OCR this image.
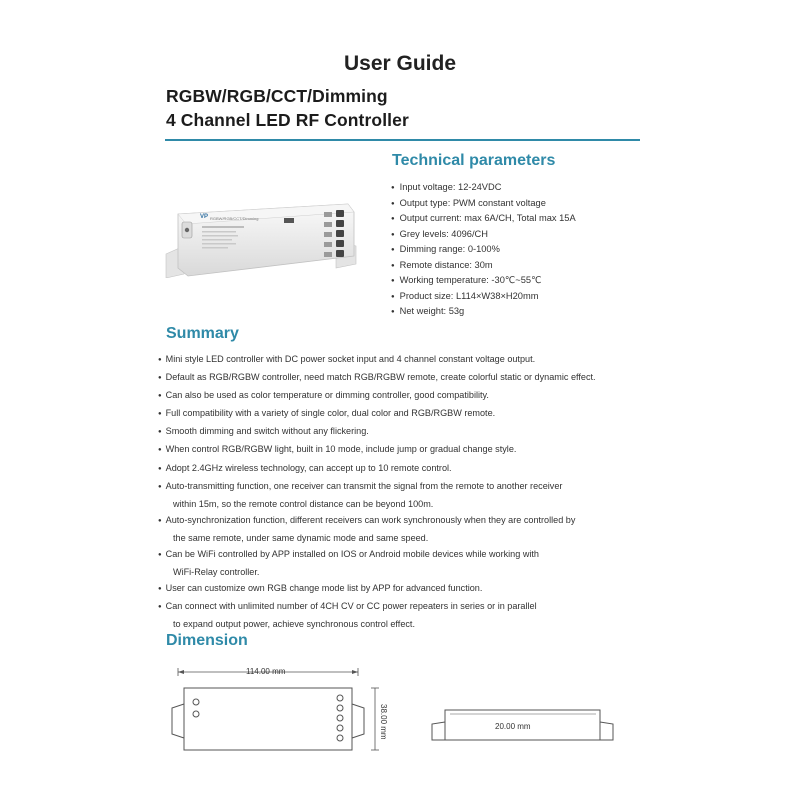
User Guide
RGBW/RGB/CCT/Dimming
4 Channel LED RF Controller
VP RGBW/RGB/CCT/Dimming
Technical parameters
● Input voltage: 12-24VDC
● Output type: PWM constant voltage
● Output current: max 6A/CH, Total max 15A
● Grey levels: 4096/CH
● Dimming range: 0-100%
● Remote distance: 30m
● Working temperature: -30℃~55℃
● Product size: L114×W38×H20mm
● Net weight: 53g
Summary
● Mini style LED controller with DC power socket input and 4 channel constant voltage output.
● Default as RGB/RGBW controller, need match RGB/RGBW remote, create colorful static or dynamic effect.
● Can also be used as color temperature or dimming controller, good compatibility.
● Full compatibility with a variety of single color, dual color and RGB/RGBW remote.
● Smooth dimming and switch without any flickering.
● When control RGB/RGBW light, built in 10 mode, include jump or gradual change style.
● Adopt 2.4GHz wireless technology, can accept up to 10 remote control.
● Auto-transmitting function, one receiver can transmit the signal from the remote to another receiver
within 15m, so the remote control distance can be beyond 100m.
● Auto-synchronization function, different receivers can work synchronously when they are controlled by
the same remote, under same dynamic mode and same speed.
● Can be WiFi controlled by APP installed on IOS or Android mobile devices while working with
WiFi-Relay controller.
● User can customize own RGB change mode list by APP for advanced function.
● Can connect with unlimited number of 4CH CV or CC power repeaters in series or in parallel
to expand output power, achieve synchronous control effect.
Dimension
114.00 mm
38.00 mm	20.00 mm
